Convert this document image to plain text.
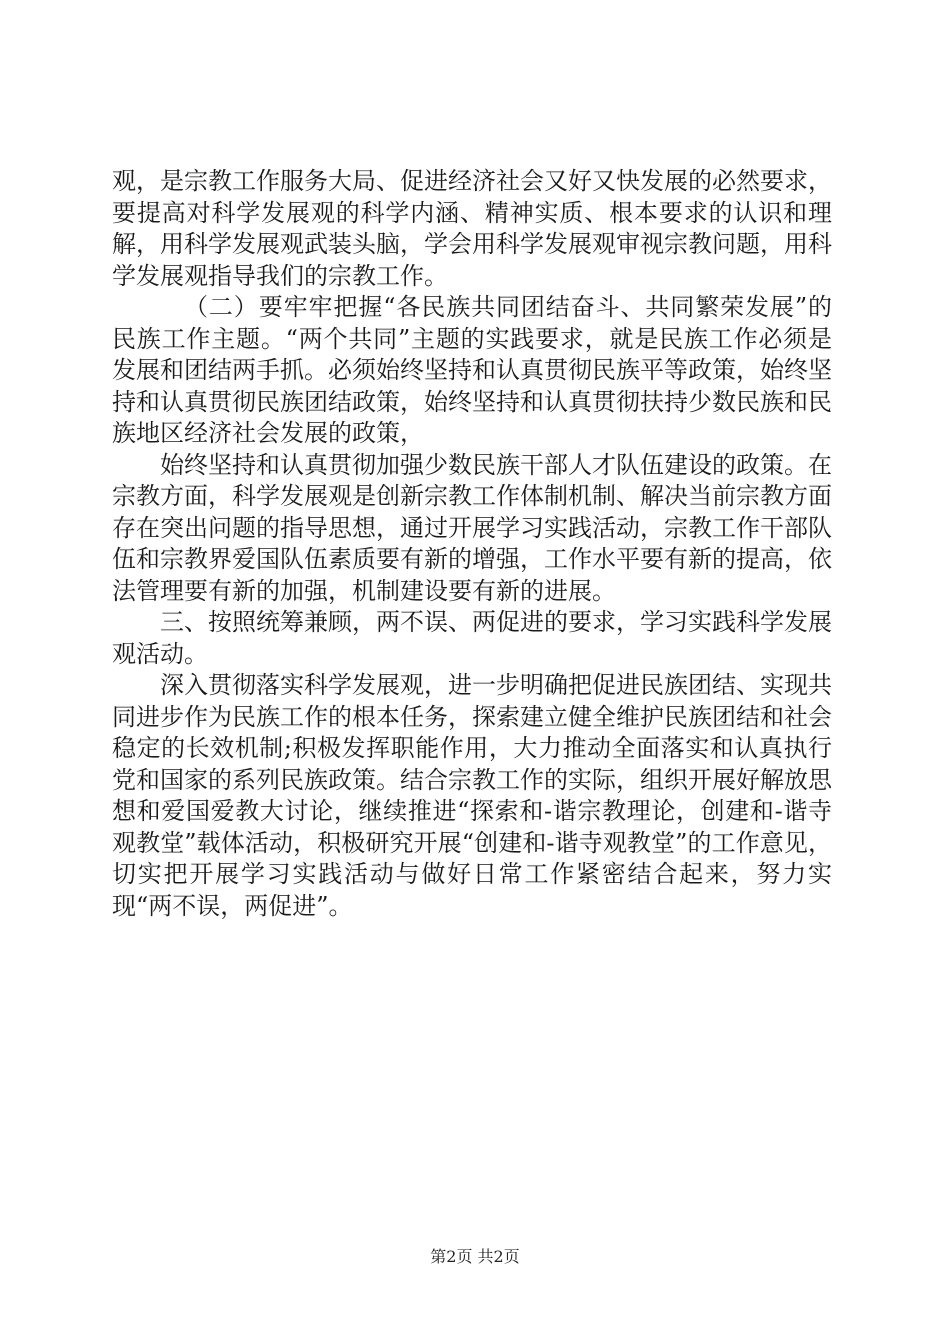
观，是宗教工作服务大局、促进经济社会又好又快发展的必然要求，要提高对科学发展观的科学内涵、精神实质、根本要求的认识和理解，用科学发展观武装头脑，学会用科学发展观审视宗教问题，用科学发展观指导我们的宗教工作。

（二）要牢牢把握“各民族共同团结奋斗、共同繁荣发展”的民族工作主题。“两个共同”主题的实践要求，就是民族工作必须是发展和团结两手抓。必须始终坚持和认真贯彻民族平等政策，始终坚持和认真贯彻民族团结政策，始终坚持和认真贯彻扶持少数民族和民族地区经济社会发展的政策，

始终坚持和认真贯彻加强少数民族干部人才队伍建设的政策。在宗教方面，科学发展观是创新宗教工作体制机制、解决当前宗教方面存在突出问题的指导思想，通过开展学习实践活动，宗教工作干部队伍和宗教界爱国队伍素质要有新的增强，工作水平要有新的提高，依法管理要有新的加强，机制建设要有新的进展。

三、按照统筹兼顾，两不误、两促进的要求，学习实践科学发展观活动。

深入贯彻落实科学发展观，进一步明确把促进民族团结、实现共同进步作为民族工作的根本任务，探索建立健全维护民族团结和社会稳定的长效机制;积极发挥职能作用，大力推动全面落实和认真执行党和国家的系列民族政策。结合宗教工作的实际，组织开展好解放思想和爱国爱教大讨论，继续推进“探索和-谐宗教理论，创建和-谐寺观教堂”载体活动，积极研究开展“创建和-谐寺观教堂”的工作意见，切实把开展学习实践活动与做好日常工作紧密结合起来，努力实现“两不误，两促进”。

第2页 共2页
